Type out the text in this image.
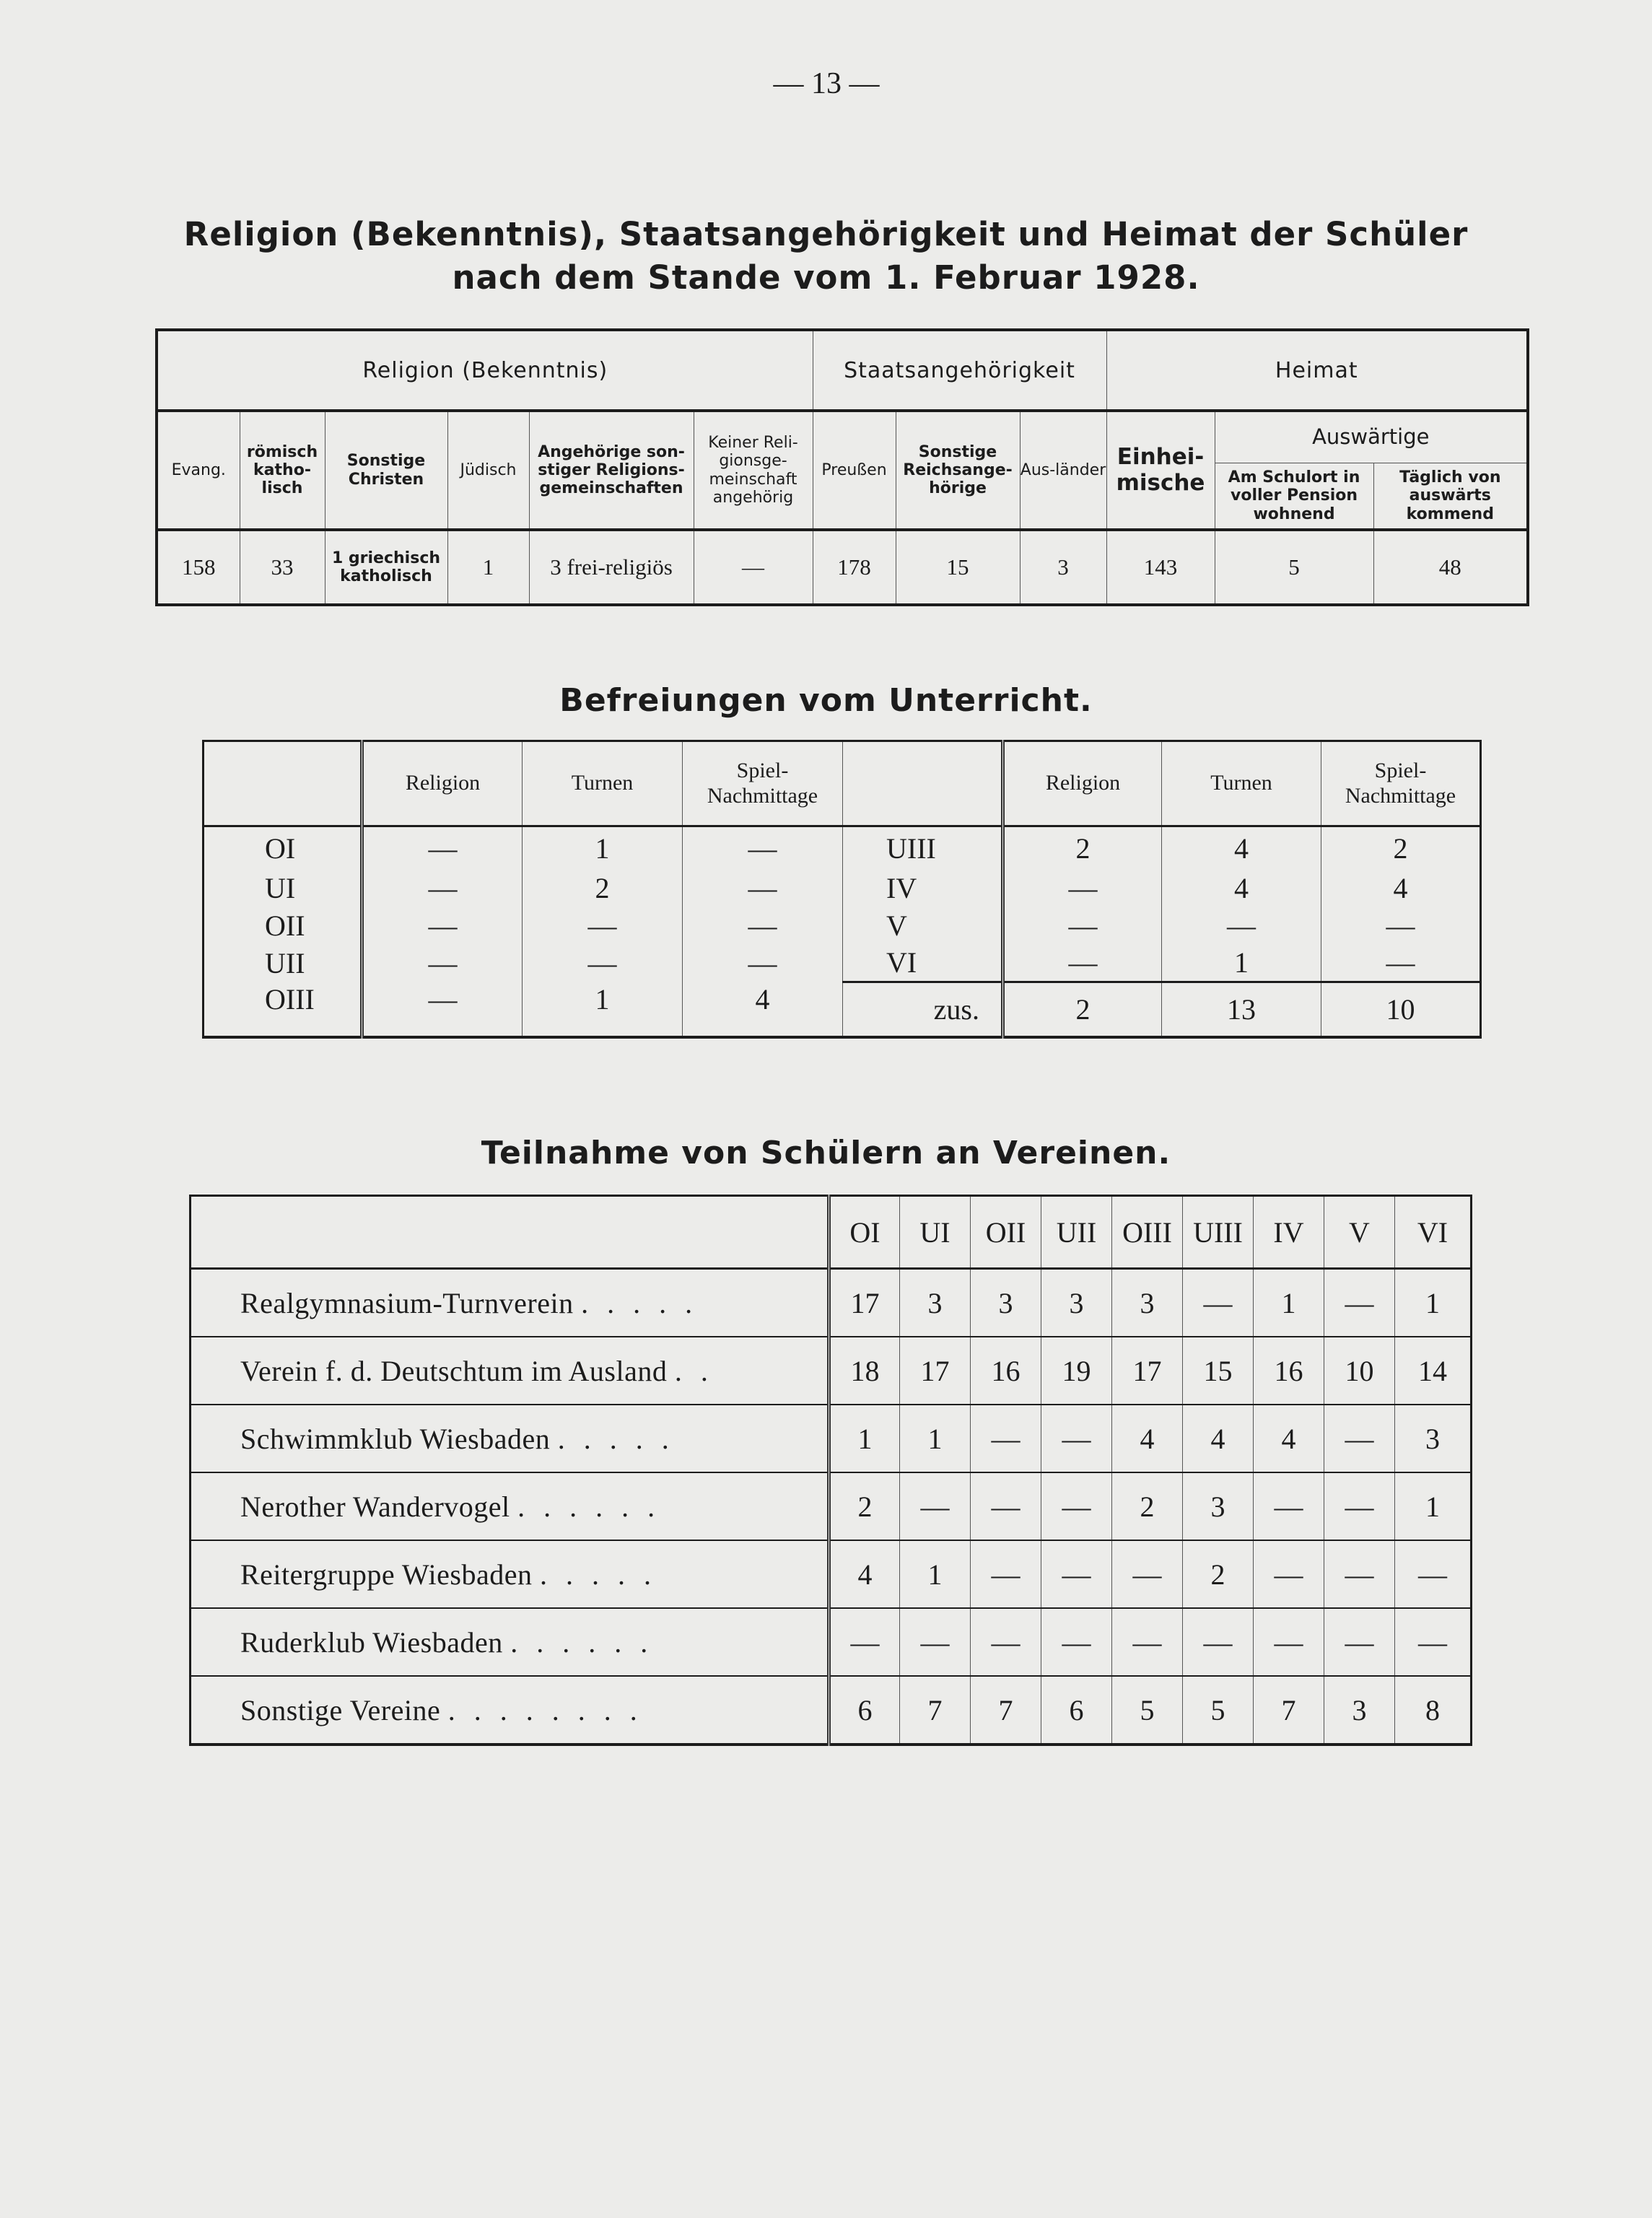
— 13 —
Religion (Bekenntnis), Staatsangehörigkeit und Heimat der Schüler
nach dem Stande vom 1. Februar 1928.
Religion (Bekenntnis)						Staatsangehörigkeit			Heimat		
Evang.	römisch katho-lisch	Sonstige Christen	Jüdisch	Angehörige son-stiger Religions-gemeinschaften	Keiner Reli-gionsge-meinschaft angehörig	Preußen	Sonstige Reichsange-hörige	Aus-länder	Einhei-mische	Auswärtige	
										Am Schulort in voller Pension wohnend	Täglich von auswärts kommend
158	33	1 griechisch katholisch	1	3 frei-religiös	—	178	15	3	143	5	48
Befreiungen vom Unterricht.
	Religion	Turnen	Spiel-Nachmittage		Religion	Turnen	Spiel-Nachmittage
OI	—	1	—	UIII	2	4	2
UI	—	2	—	IV	—	4	4
OII	—	—	—	V	—	—	—
UII	—	—	—	VI	—	1	—
OIII	—	1	4	zus.	2	13	10
Teilnahme von Schülern an Vereinen.
	OI	UI	OII	UII	OIII	UIII	IV	V	VI
Realgymnasium-Turnverein . . . . .	17	3	3	3	3	—	1	—	1
Verein f. d. Deutschtum im Ausland . .	18	17	16	19	17	15	16	10	14
Schwimmklub Wiesbaden . . . . .	1	1	—	—	4	4	4	—	3
Nerother Wandervogel . . . . . .	2	—	—	—	2	3	—	—	1
Reitergruppe Wiesbaden . . . . .	4	1	—	—	—	2	—	—	—
Ruderklub Wiesbaden . . . . . .	—	—	—	—	—	—	—	—	—
Sonstige Vereine . . . . . . . .	6	7	7	6	5	5	7	3	8
